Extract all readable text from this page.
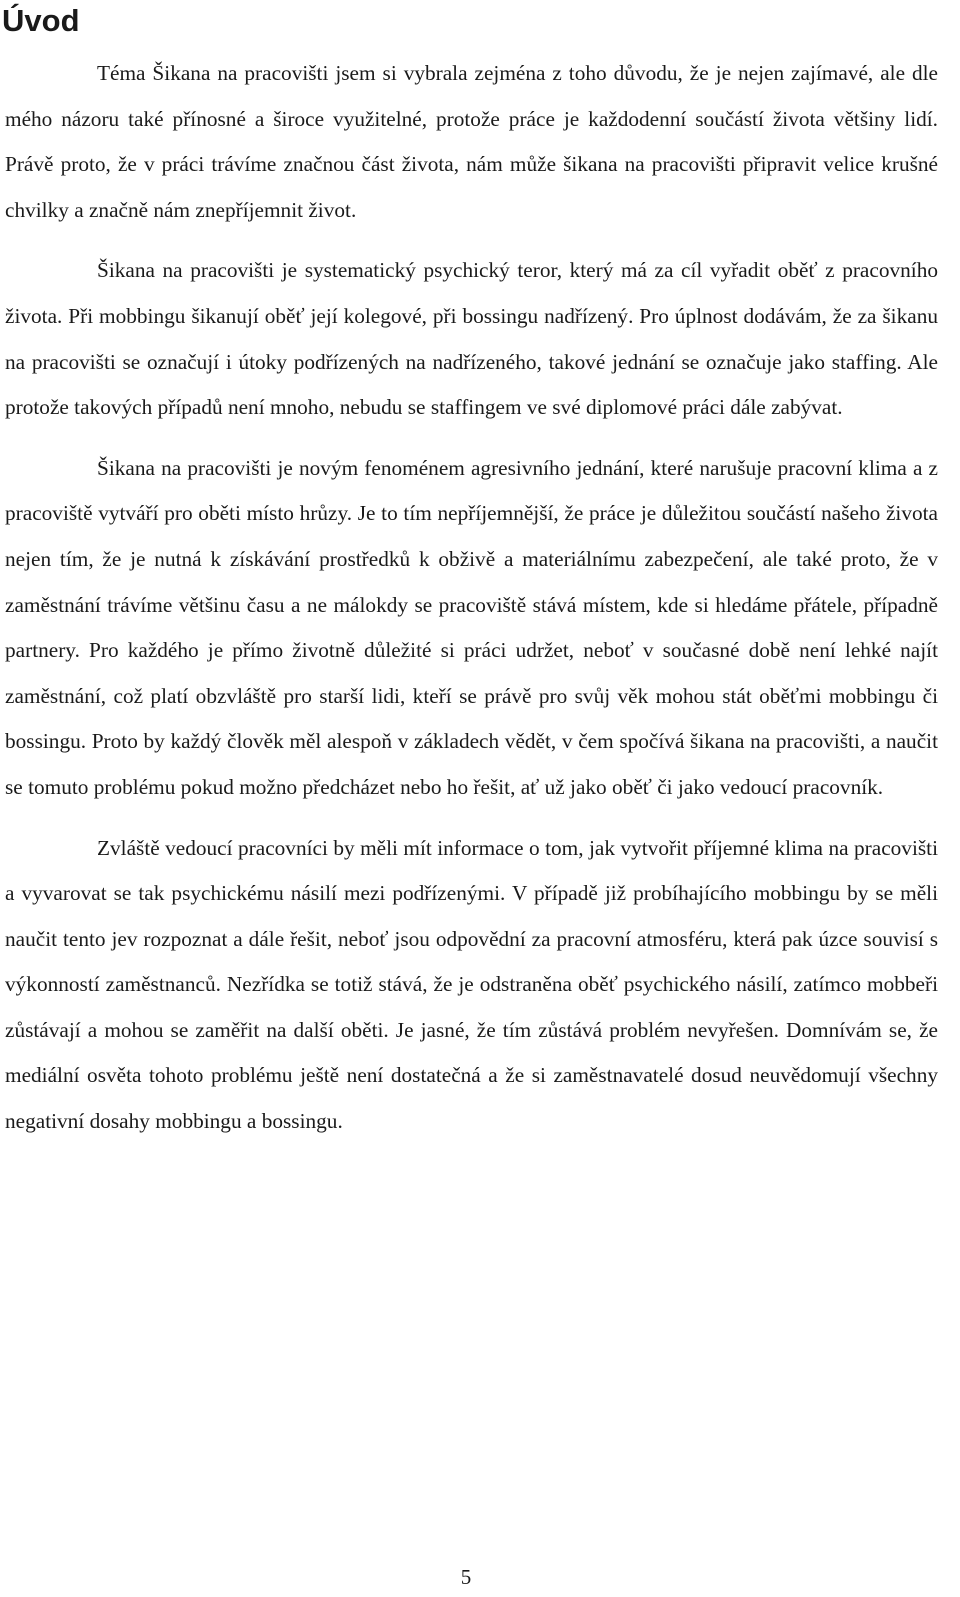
Úvod

Téma Šikana na pracovišti jsem si vybrala zejména z toho důvodu, že je nejen zajímavé, ale dle mého názoru také přínosné a široce využitelné, protože práce je každodenní součástí života většiny lidí. Právě proto, že v práci trávíme značnou část života, nám může šikana na pracovišti připravit velice krušné chvilky a značně nám znepříjemnit život.

Šikana na pracovišti je systematický psychický teror, který má za cíl vyřadit oběť z pracovního života. Při mobbingu šikanují oběť její kolegové, při bossingu nadřízený. Pro úplnost dodávám, že za šikanu na pracovišti se označují i útoky podřízených na nadřízeného, takové jednání se označuje jako staffing. Ale protože takových případů není mnoho, nebudu se staffingem ve své diplomové práci dále zabývat.

Šikana na pracovišti je novým fenoménem agresivního jednání, které narušuje pracovní klima a z pracoviště vytváří pro oběti místo hrůzy. Je to tím nepříjemnější, že práce je důležitou součástí našeho života nejen tím, že je nutná k získávání prostředků k obživě a materiálnímu zabezpečení, ale také proto, že v zaměstnání trávíme většinu času a ne málokdy se pracoviště stává místem, kde si hledáme přátele, případně partnery. Pro každého je přímo životně důležité si práci udržet, neboť v současné době není lehké najít zaměstnání, což platí obzvláště pro starší lidi, kteří se právě pro svůj věk mohou stát oběťmi mobbingu či bossingu. Proto by každý člověk měl alespoň v základech vědět, v čem spočívá šikana na pracovišti, a naučit se tomuto problému pokud možno předcházet nebo ho řešit, ať už jako oběť či jako vedoucí pracovník.

Zvláště vedoucí pracovníci by měli mít informace o tom, jak vytvořit příjemné klima na pracovišti a vyvarovat se tak psychickému násilí mezi podřízenými. V případě již probíhajícího mobbingu by se měli naučit tento jev rozpoznat a dále řešit, neboť jsou odpovědní za pracovní atmosféru, která pak úzce souvisí s výkonností zaměstnanců. Nezřídka se totiž stává, že je odstraněna oběť psychického násilí, zatímco mobbeři zůstávají a mohou se zaměřit na další oběti. Je jasné, že tím zůstává problém nevyřešen. Domnívám se, že mediální osvěta tohoto problému ještě není dostatečná a že si zaměstnavatelé dosud neuvědomují všechny negativní dosahy mobbingu a bossingu.

5
